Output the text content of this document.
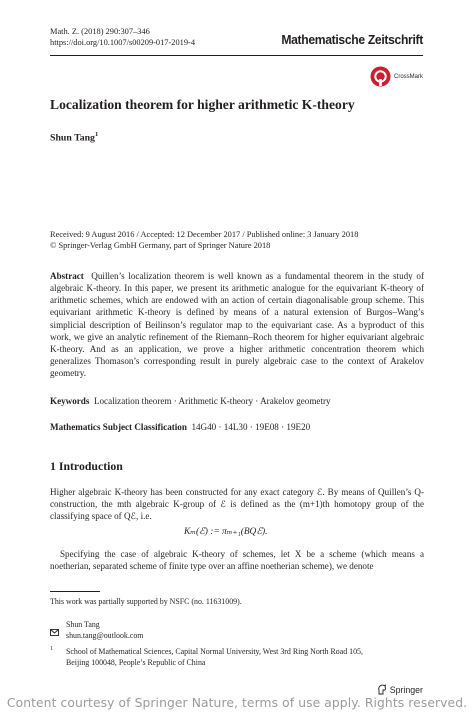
Math. Z. (2018) 290:307–346
https://doi.org/10.1007/s00209-017-2019-4	Mathematische Zeitschrift
CrossMark
Localization theorem for higher arithmetic K-theory
Shun Tang$^1$
Received: 9 August 2016 / Accepted: 12 December 2017 / Published online: 3 January 2018
© Springer-Verlag GmbH Germany, part of Springer Nature 2018
Abstract Quillen’s localization theorem is well known as a fundamental theorem in the study of algebraic K-theory. In this paper, we present its arithmetic analogue for the equivariant K-theory of arithmetic schemes, which are endowed with an action of certain diagonalisable group scheme. This equivariant arithmetic K-theory is defined by means of a natural extension of Burgos–Wang’s simplicial description of Beilinson’s regulator map to the equivariant case. As a byproduct of this work, we give an analytic refinement of the Riemann–Roch theorem for higher equivariant algebraic K-theory. And as an application, we prove a higher arithmetic concentration theorem which generalizes Thomason’s corresponding result in purely algebraic case to the context of Arakelov geometry.
Keywords Localization theorem · Arithmetic K-theory · Arakelov geometry
Mathematics Subject Classification 14G40 · 14L30 · 19E08 · 19E20
1 Introduction
Higher algebraic K-theory has been constructed for any exact category ℰ. By means of Quillen’s Q-construction, the mth algebraic K-group of ℰ is defined as the (m+1)th homotopy group of the classifying space of Qℰ, i.e.
Kₘ(ℰ) := πₘ₊₁(BQℰ).
Specifying the case of algebraic K-theory of schemes, let X be a scheme (which means a noetherian, separated scheme of finite type over an affine noetherian scheme), we denote
This work was partially supported by NSFC (no. 11631009).
Shun Tang
shun.tang@outlook.com
1 School of Mathematical Sciences, Capital Normal University, West 3rd Ring North Road 105,
Beijing 100048, People’s Republic of China
Springer
Content courtesy of Springer Nature, terms of use apply. Rights reserved.
